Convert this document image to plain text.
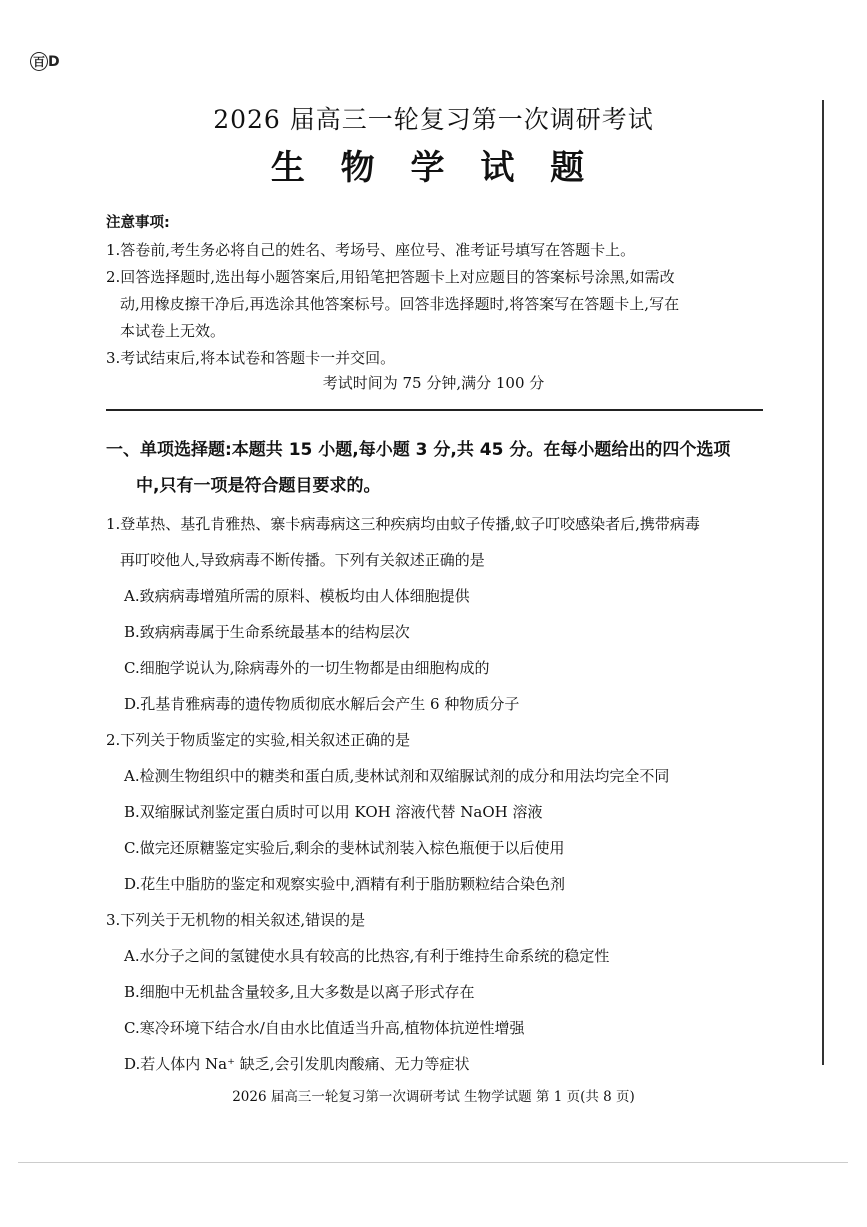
百 D
2026 届高三一轮复习第一次调研考试
生 物 学 试 题
注意事项:
1.答卷前,考生务必将自己的姓名、考场号、座位号、准考证号填写在答题卡上。
2.回答选择题时,选出每小题答案后,用铅笔把答题卡上对应题目的答案标号涂黑,如需改
动,用橡皮擦干净后,再选涂其他答案标号。回答非选择题时,将答案写在答题卡上,写在
本试卷上无效。
3.考试结束后,将本试卷和答题卡一并交回。
考试时间为 75 分钟,满分 100 分
一、单项选择题:本题共 15 小题,每小题 3 分,共 45 分。在每小题给出的四个选项
中,只有一项是符合题目要求的。
1.登革热、基孔肯雅热、寨卡病毒病这三种疾病均由蚊子传播,蚊子叮咬感染者后,携带病毒
再叮咬他人,导致病毒不断传播。下列有关叙述正确的是
A.致病病毒增殖所需的原料、模板均由人体细胞提供
B.致病病毒属于生命系统最基本的结构层次
C.细胞学说认为,除病毒外的一切生物都是由细胞构成的
D.孔基肯雅病毒的遗传物质彻底水解后会产生 6 种物质分子
2.下列关于物质鉴定的实验,相关叙述正确的是
A.检测生物组织中的糖类和蛋白质,斐林试剂和双缩脲试剂的成分和用法均完全不同
B.双缩脲试剂鉴定蛋白质时可以用 KOH 溶液代替 NaOH 溶液
C.做完还原糖鉴定实验后,剩余的斐林试剂装入棕色瓶便于以后使用
D.花生中脂肪的鉴定和观察实验中,酒精有利于脂肪颗粒结合染色剂
3.下列关于无机物的相关叙述,错误的是
A.水分子之间的氢键使水具有较高的比热容,有利于维持生命系统的稳定性
B.细胞中无机盐含量较多,且大多数是以离子形式存在
C.寒冷环境下结合水/自由水比值适当升高,植物体抗逆性增强
D.若人体内 Na⁺ 缺乏,会引发肌肉酸痛、无力等症状
2026 届高三一轮复习第一次调研考试 生物学试题 第 1 页(共 8 页)
